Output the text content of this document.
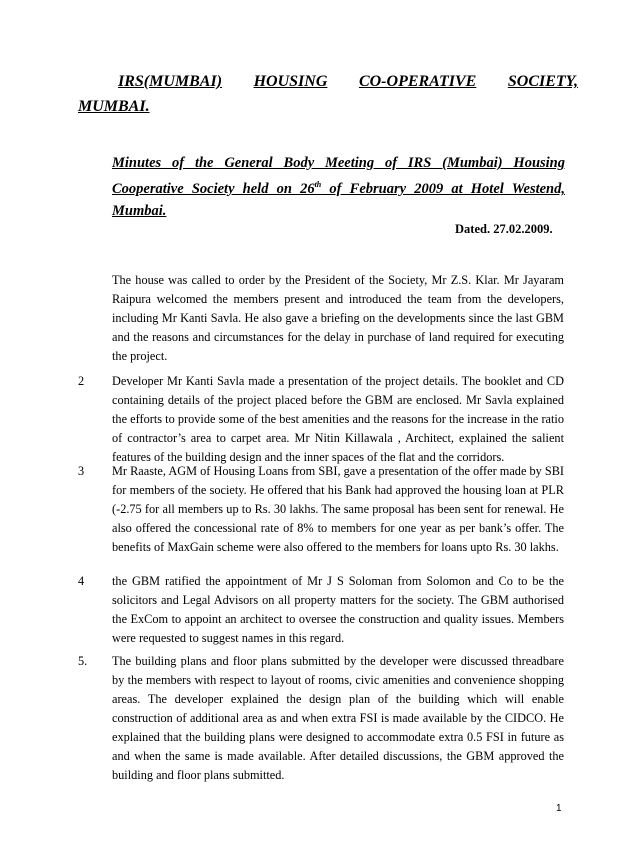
IRS(MUMBAI) HOUSING CO-OPERATIVE SOCIETY,
MUMBAI.
Minutes of the General Body Meeting of IRS (Mumbai) Housing Cooperative Society held on 26th of February 2009 at Hotel Westend, Mumbai.
Dated. 27.02.2009.
The house was called to order by the President of the Society, Mr Z.S. Klar. Mr Jayaram Raipura welcomed the members present and introduced the team from the developers, including Mr Kanti Savla. He also gave a briefing on the developments since the last GBM and the reasons and circumstances for the delay in purchase of land required for executing the project.
2	Developer Mr Kanti Savla made a presentation of the project details. The booklet and CD containing details of the project placed before the GBM are enclosed. Mr Savla explained the efforts to provide some of the best amenities and the reasons for the increase in the ratio of contractor’s area to carpet area. Mr Nitin Killawala , Architect, explained the salient features of the building design and the inner spaces of the flat and the corridors.
3	Mr Raaste, AGM of Housing Loans from SBI, gave a presentation of the offer made by SBI for members of the society. He offered that his Bank had approved the housing loan at PLR (-2.75 for all members up to Rs. 30 lakhs. The same proposal has been sent for renewal. He also offered the concessional rate of 8% to members for one year as per bank’s offer. The benefits of MaxGain scheme were also offered to the members for loans upto Rs. 30 lakhs.
4	the GBM ratified the appointment of Mr J S Soloman from Solomon and Co to be the solicitors and Legal Advisors on all property matters for the society. The GBM authorised the ExCom to appoint an architect to oversee the construction and quality issues. Members were requested to suggest names in this regard.
5.	The building plans and floor plans submitted by the developer were discussed threadbare by the members with respect to layout of rooms, civic amenities and convenience shopping areas. The developer explained the design plan of the building which will enable construction of additional area as and when extra FSI is made available by the CIDCO. He explained that the building plans were designed to accommodate extra 0.5 FSI in future as and when the same is made available. After detailed discussions, the GBM approved the building and floor plans submitted.
1
